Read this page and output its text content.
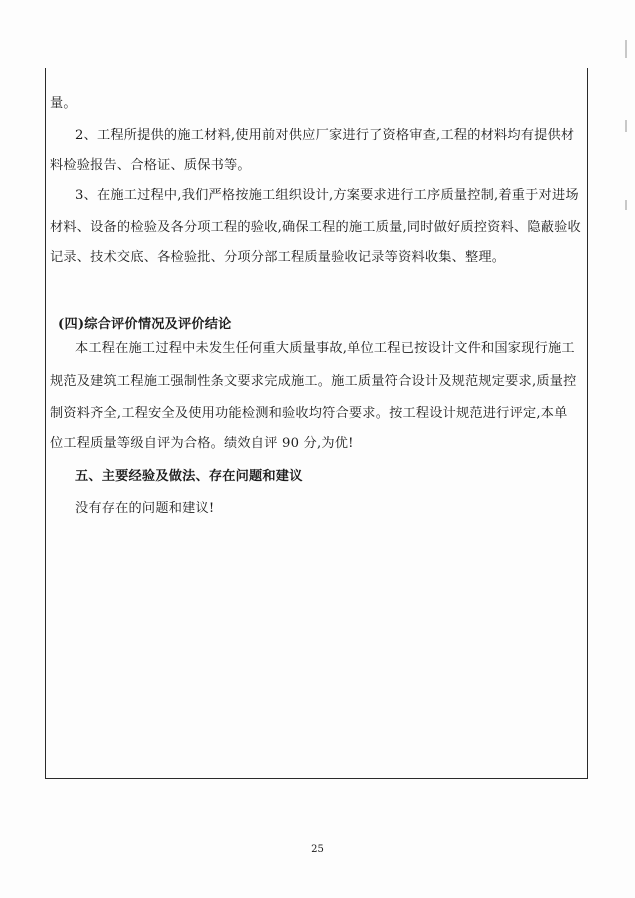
量。
2、工程所提供的施工材料,使用前对供应厂家进行了资格审查,工程的材料均有提供材
料检验报告、合格证、质保书等。
3、在施工过程中,我们严格按施工组织设计,方案要求进行工序质量控制,着重于对进场
材料、设备的检验及各分项工程的验收,确保工程的施工质量,同时做好质控资料、隐蔽验收
记录、技术交底、各检验批、分项分部工程质量验收记录等资料收集、整理。
(四)综合评价情况及评价结论
本工程在施工过程中未发生任何重大质量事故,单位工程已按设计文件和国家现行施工
规范及建筑工程施工强制性条文要求完成施工。施工质量符合设计及规范规定要求,质量控
制资料齐全,工程安全及使用功能检测和验收均符合要求。按工程设计规范进行评定,本单
位工程质量等级自评为合格。绩效自评 90 分,为优!
五、主要经验及做法、存在问题和建议
没有存在的问题和建议!
25
